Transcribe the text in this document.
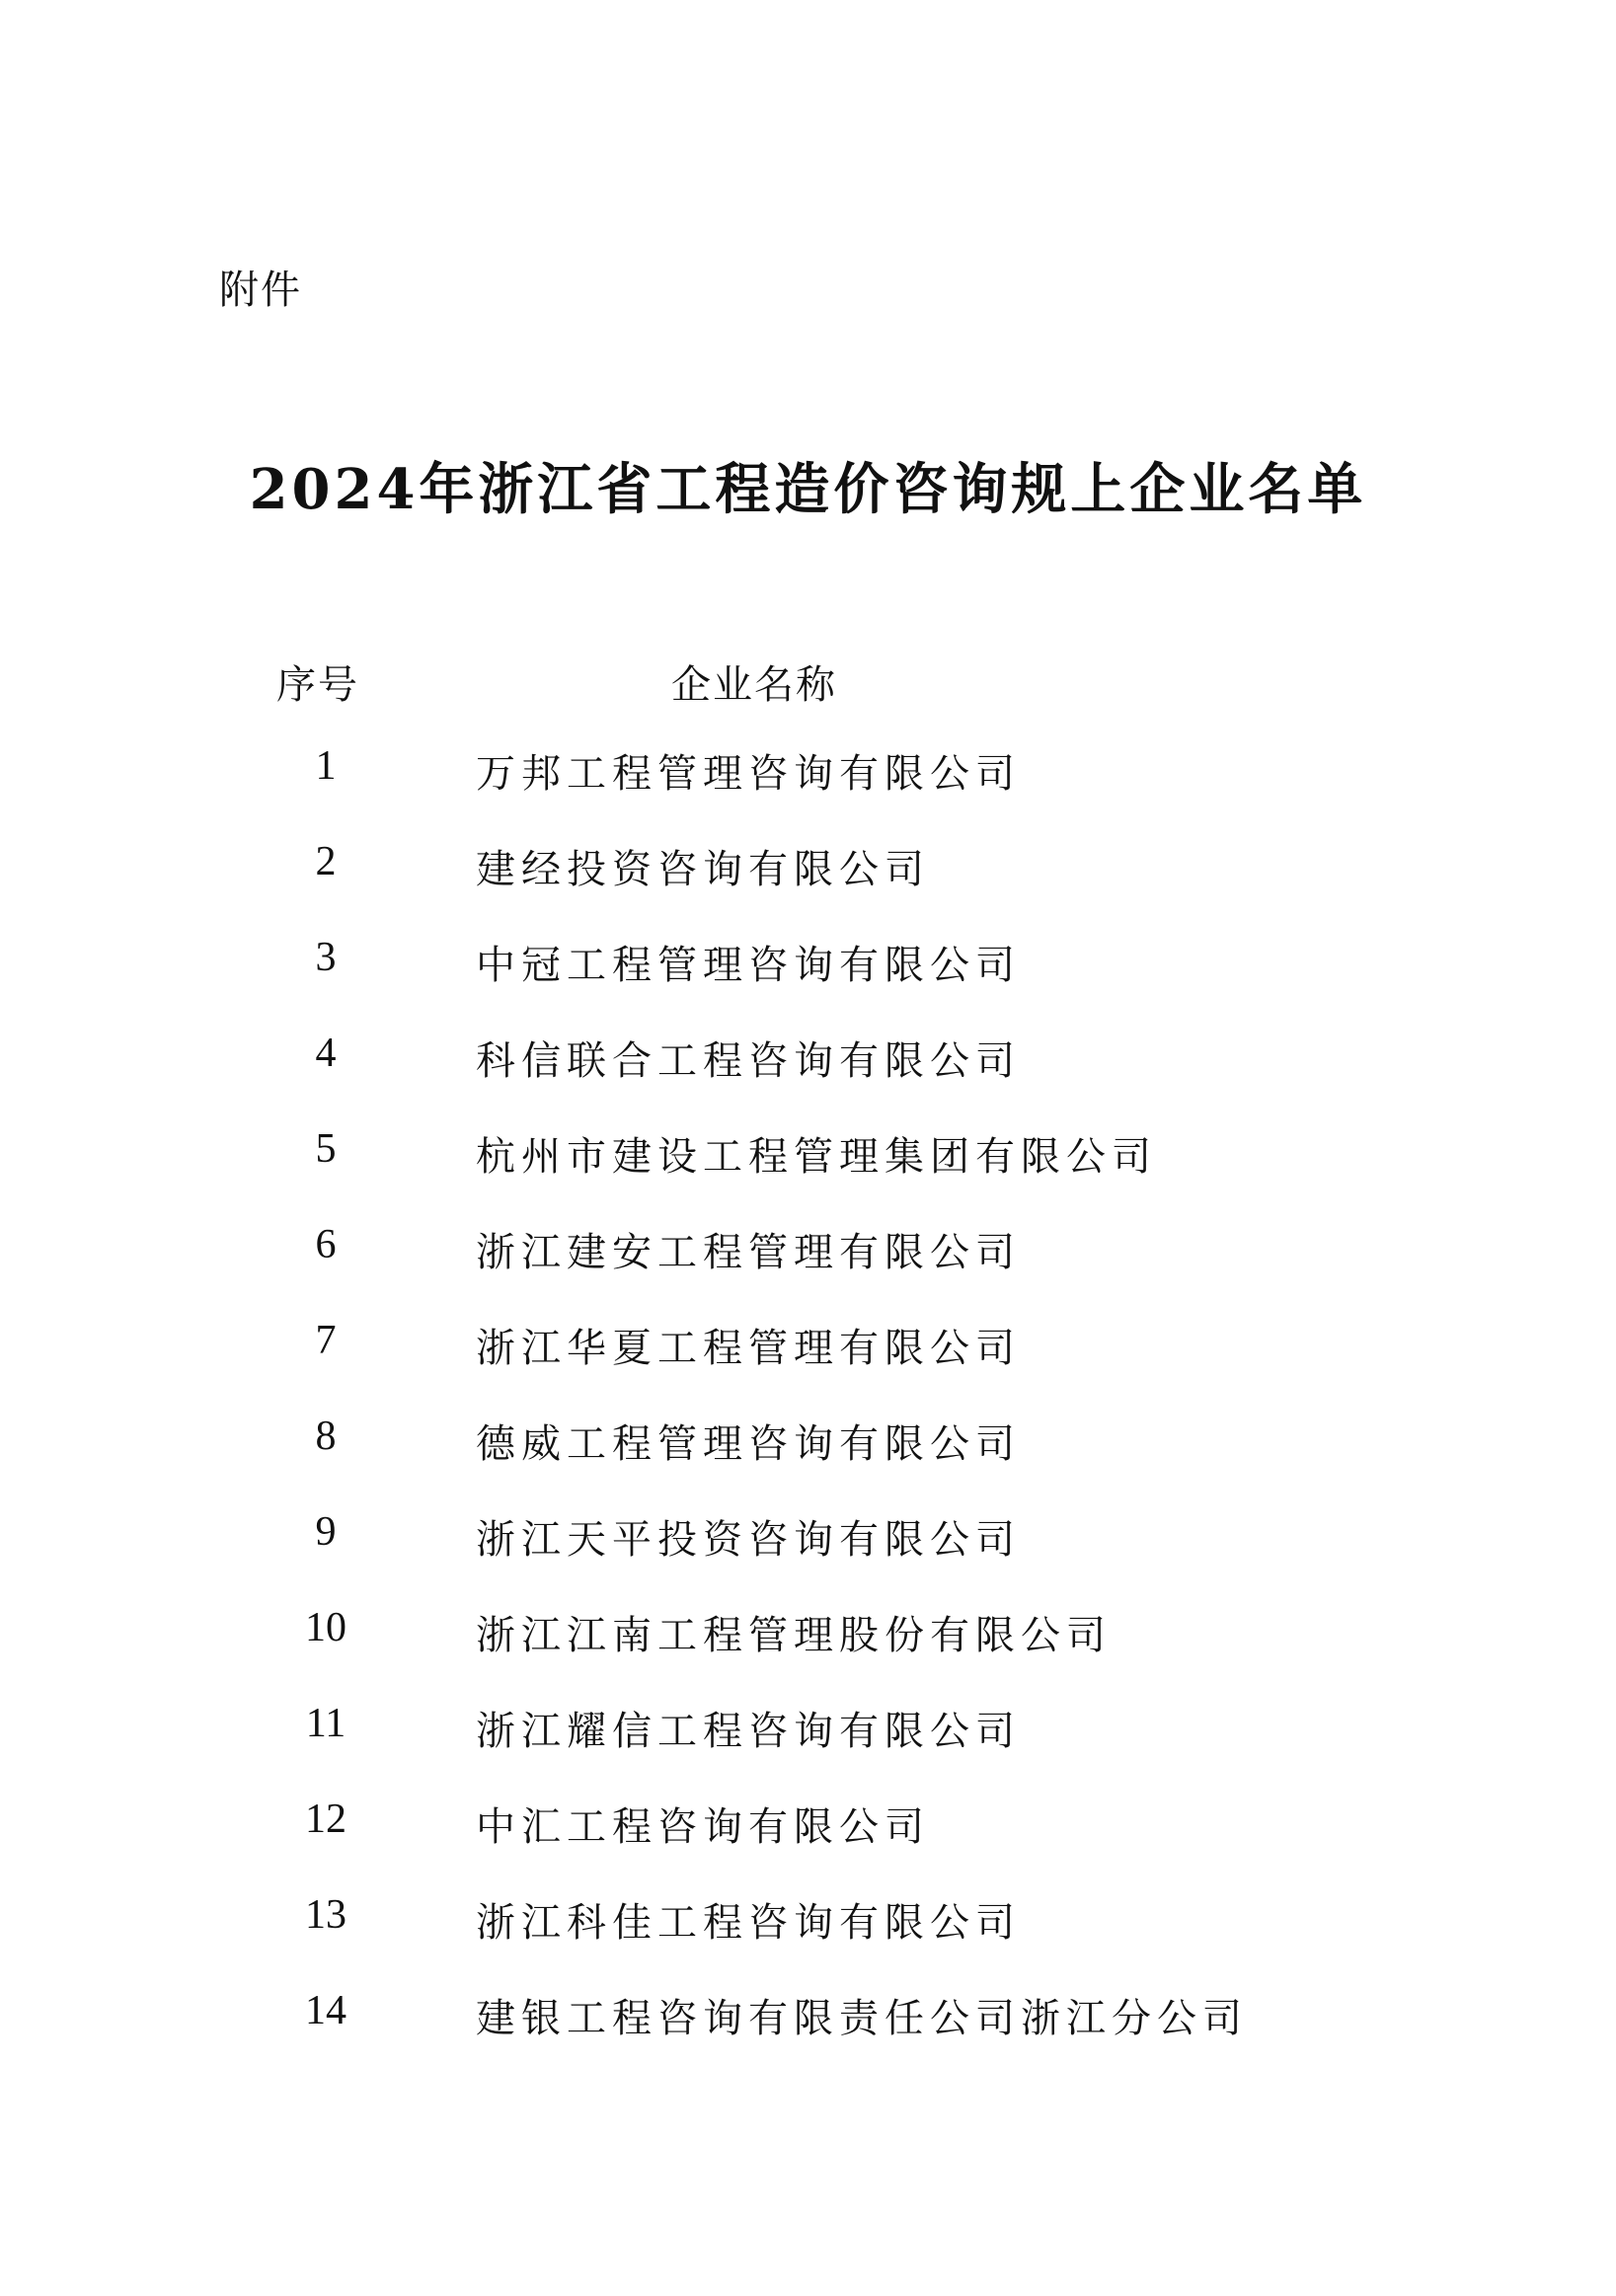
附件
2024年浙江省工程造价咨询规上企业名单
序号	企业名称
1	万邦工程管理咨询有限公司
2	建经投资咨询有限公司
3	中冠工程管理咨询有限公司
4	科信联合工程咨询有限公司
5	杭州市建设工程管理集团有限公司
6	浙江建安工程管理有限公司
7	浙江华夏工程管理有限公司
8	德威工程管理咨询有限公司
9	浙江天平投资咨询有限公司
10	浙江江南工程管理股份有限公司
11	浙江耀信工程咨询有限公司
12	中汇工程咨询有限公司
13	浙江科佳工程咨询有限公司
14	建银工程咨询有限责任公司浙江分公司
